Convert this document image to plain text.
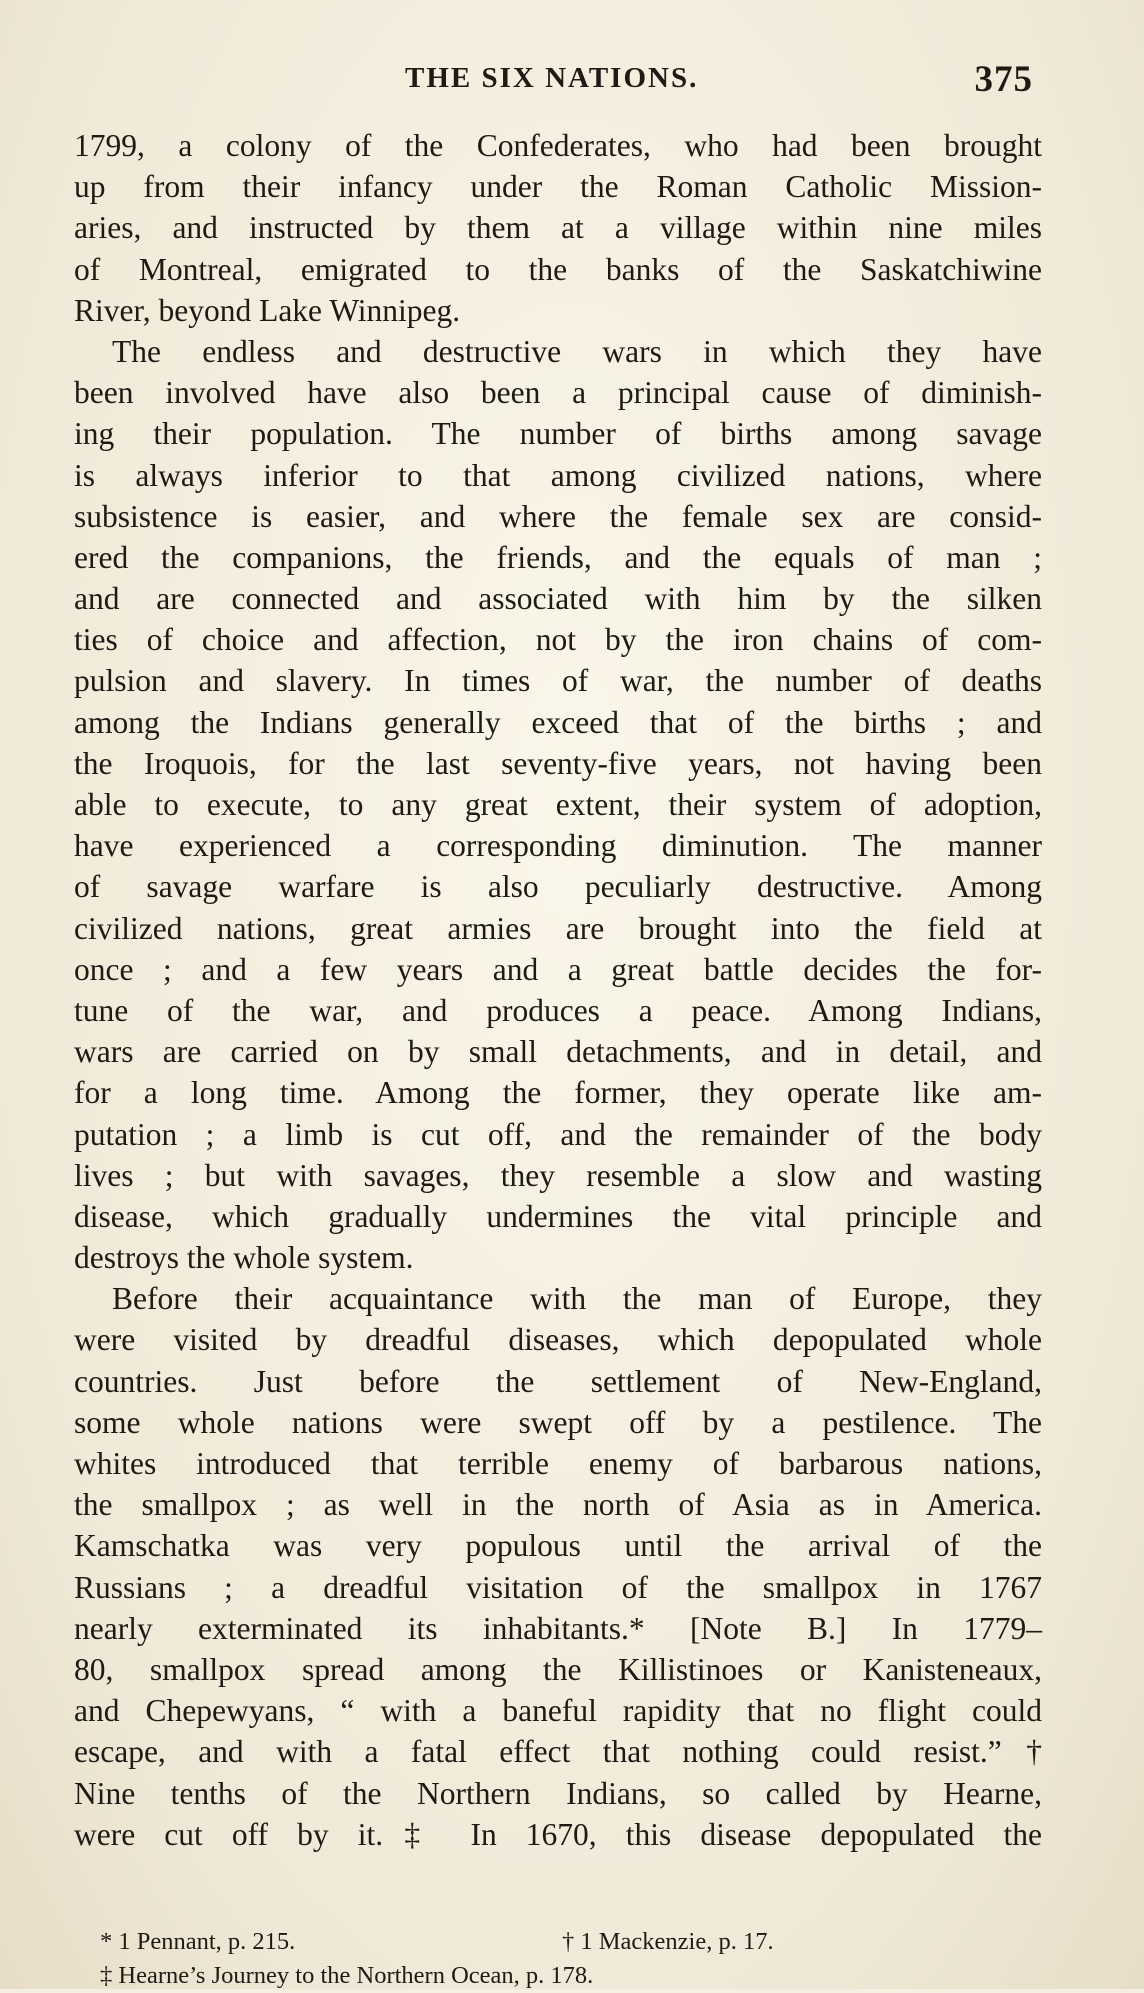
THE SIX NATIONS.	375
1799, a colony of the Confederates, who had been brought
up from their infancy under the Roman Catholic Mission-
aries, and instructed by them at a village within nine miles
of Montreal, emigrated to the banks of the Saskatchiwine
River, beyond Lake Winnipeg.
The endless and destructive wars in which they have
been involved have also been a principal cause of diminish-
ing their population. The number of births among savage
is always inferior to that among civilized nations, where
subsistence is easier, and where the female sex are consid-
ered the companions, the friends, and the equals of man ;
and are connected and associated with him by the silken
ties of choice and affection, not by the iron chains of com-
pulsion and slavery. In times of war, the number of deaths
among the Indians generally exceed that of the births ; and
the Iroquois, for the last seventy-five years, not having been
able to execute, to any great extent, their system of adoption,
have experienced a corresponding diminution. The manner
of savage warfare is also peculiarly destructive. Among
civilized nations, great armies are brought into the field at
once ; and a few years and a great battle decides the for-
tune of the war, and produces a peace. Among Indians,
wars are carried on by small detachments, and in detail, and
for a long time. Among the former, they operate like am-
putation ; a limb is cut off, and the remainder of the body
lives ; but with savages, they resemble a slow and wasting
disease, which gradually undermines the vital principle and
destroys the whole system.
Before their acquaintance with the man of Europe, they
were visited by dreadful diseases, which depopulated whole
countries. Just before the settlement of New-England,
some whole nations were swept off by a pestilence. The
whites introduced that terrible enemy of barbarous nations,
the smallpox ; as well in the north of Asia as in America.
Kamschatka was very populous until the arrival of the
Russians ; a dreadful visitation of the smallpox in 1767
nearly exterminated its inhabitants.* [Note B.] In 1779–
80, smallpox spread among the Killistinoes or Kanisteneaux,
and Chepewyans, “ with a baneful rapidity that no flight could
escape, and with a fatal effect that nothing could resist.”†
Nine tenths of the Northern Indians, so called by Hearne,
were cut off by it.‡ In 1670, this disease depopulated the
* 1 Pennant, p. 215.	† 1 Mackenzie, p. 17.
‡ Hearne’s Journey to the Northern Ocean, p. 178.
